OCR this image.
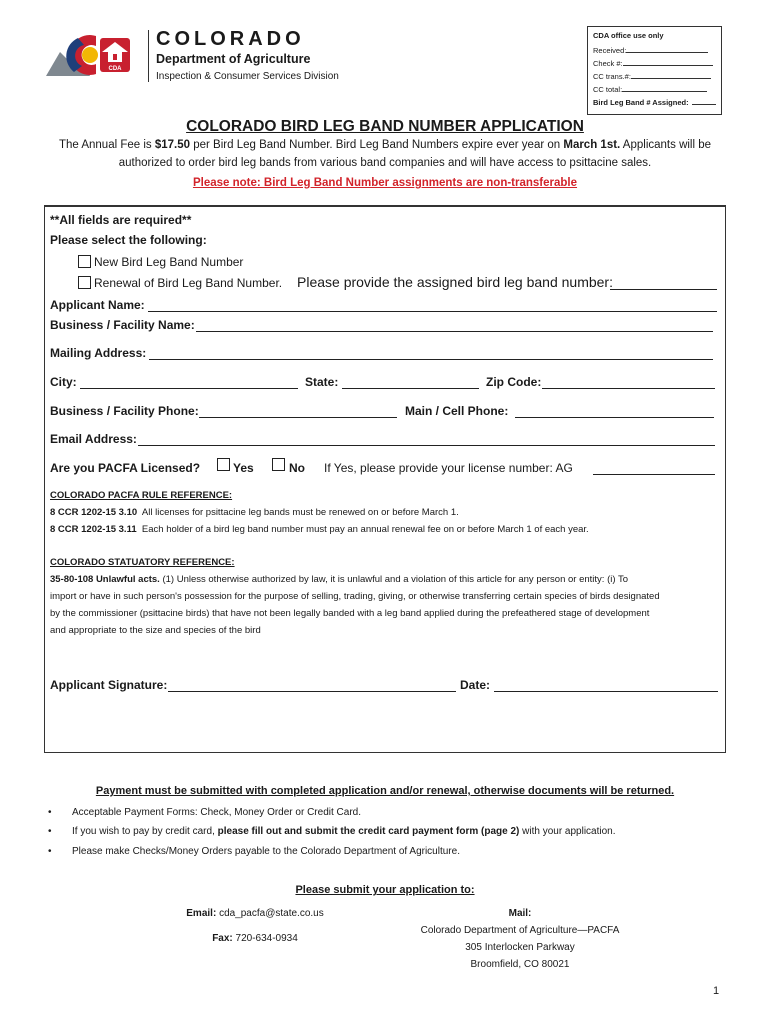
CDA
COLORADO
Department of Agriculture
Inspection & Consumer Services Division
CDA office use only
Received:
Check #:
CC trans.#:
CC total:
Bird Leg Band # Assigned:
COLORADO BIRD LEG BAND NUMBER APPLICATION
The Annual Fee is $17.50 per Bird Leg Band Number. Bird Leg Band Numbers expire ever year on March 1st. Applicants will be
authorized to order bird leg bands from various band companies and will have access to psittacine sales.
Please note: Bird Leg Band Number assignments are non-transferable
**All fields are required**
Please select the following:
New Bird Leg Band Number
Renewal of Bird Leg Band Number. Please provide the assigned bird leg band number:
Applicant Name:
Business / Facility Name:
Mailing Address:
City:	State:	Zip Code:
Business / Facility Phone:	Main / Cell Phone:
Email Address:
Are you PACFA Licensed?	Yes	No If Yes, please provide your license number: AG
COLORADO PACFA RULE REFERENCE:
8 CCR 1202-15 3.10 All licenses for psittacine leg bands must be renewed on or before March 1.
8 CCR 1202-15 3.11 Each holder of a bird leg band number must pay an annual renewal fee on or before March 1 of each year.
COLORADO STATUATORY REFERENCE:
35-80-108 Unlawful acts. (1) Unless otherwise authorized by law, it is unlawful and a violation of this article for any person or entity: (i) To
import or have in such person's possession for the purpose of selling, trading, giving, or otherwise transferring certain species of birds designated
by the commissioner (psittacine birds) that have not been legally banded with a leg band applied during the prefeathered stage of development
and appropriate to the size and species of the bird
Applicant Signature:	Date:
Payment must be submitted with completed application and/or renewal, otherwise documents will be returned.
• Acceptable Payment Forms: Check, Money Order or Credit Card.
• If you wish to pay by credit card, please fill out and submit the credit card payment form (page 2) with your application.
• Please make Checks/Money Orders payable to the Colorado Department of Agriculture.
Please submit your application to:
Email: cda_pacfa@state.co.us
Fax: 720-634-0934
Mail:
Colorado Department of Agriculture—PACFA
305 Interlocken Parkway
Broomfield, CO 80021
1
